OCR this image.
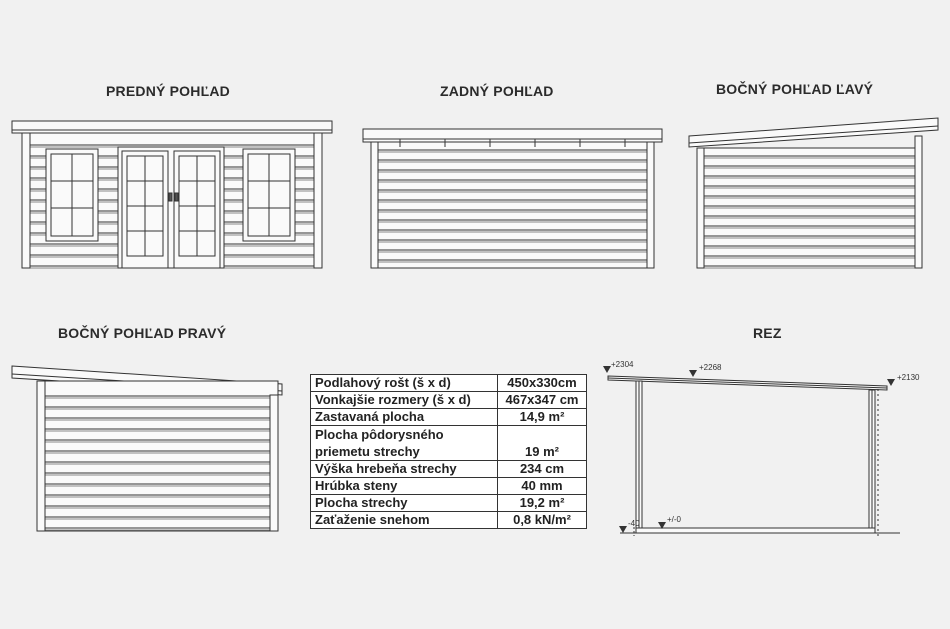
PREDNÝ POHĽAD	ZADNÝ POHĽAD	BOČNÝ POHĽAD ĽAVÝ
BOČNÝ POHĽAD PRAVÝ	REZ
+2304	+2268
+2130
-40	+/-0
Podlahový rošt (š x d)	450x330cm
Vonkajšie rozmery (š x d)	467x347 cm
Zastavaná plocha	14,9 m²
Plocha pôdorysného priemetu strechy	19 m²
Výška hrebeňa strechy	234 cm
Hrúbka steny	40 mm
Plocha strechy	19,2 m²
Zaťaženie snehom	0,8 kN/m²
